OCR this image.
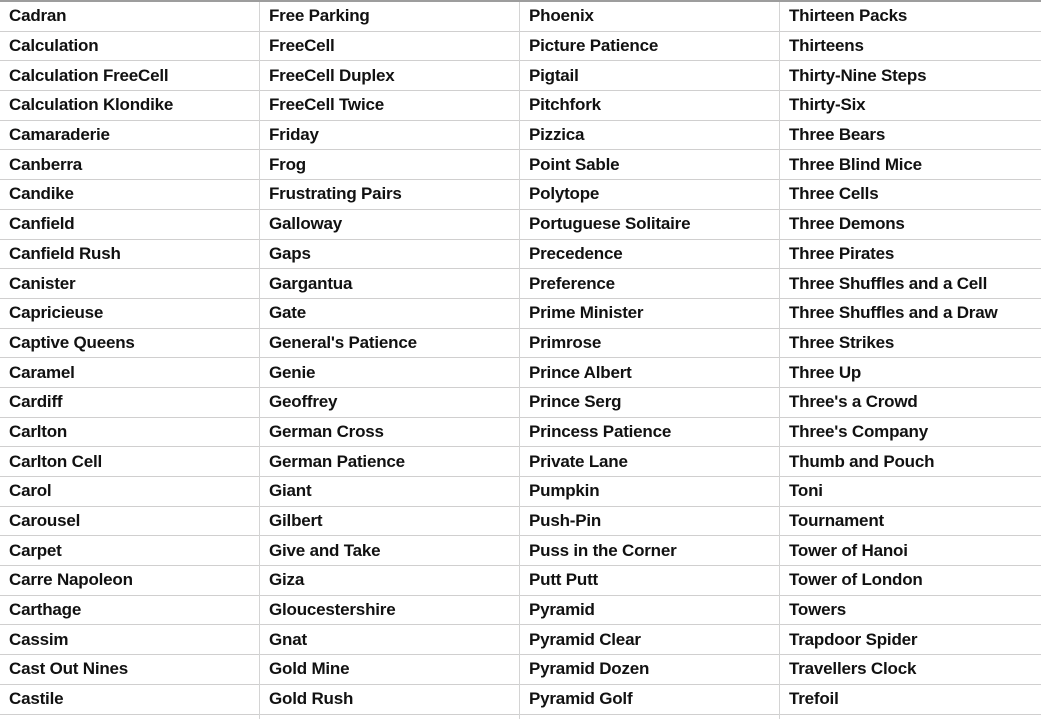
Cadran
Calculation
Calculation FreeCell
Calculation Klondike
Camaraderie
Canberra
Candike
Canfield
Canfield Rush
Canister
Capricieuse
Captive Queens
Caramel
Cardiff
Carlton
Carlton Cell
Carol
Carousel
Carpet
Carre Napoleon
Carthage
Cassim
Cast Out Nines
Castile
Free Parking
FreeCell
FreeCell Duplex
FreeCell Twice
Friday
Frog
Frustrating Pairs
Galloway
Gaps
Gargantua
Gate
General's Patience
Genie
Geoffrey
German Cross
German Patience
Giant
Gilbert
Give and Take
Giza
Gloucestershire
Gnat
Gold Mine
Gold Rush
Phoenix
Picture Patience
Pigtail
Pitchfork
Pizzica
Point Sable
Polytope
Portuguese Solitaire
Precedence
Preference
Prime Minister
Primrose
Prince Albert
Prince Serg
Princess Patience
Private Lane
Pumpkin
Push-Pin
Puss in the Corner
Putt Putt
Pyramid
Pyramid Clear
Pyramid Dozen
Pyramid Golf
Thirteen Packs
Thirteens
Thirty-Nine Steps
Thirty-Six
Three Bears
Three Blind Mice
Three Cells
Three Demons
Three Pirates
Three Shuffles and a Cell
Three Shuffles and a Draw
Three Strikes
Three Up
Three's a Crowd
Three's Company
Thumb and Pouch
Toni
Tournament
Tower of Hanoi
Tower of London
Towers
Trapdoor Spider
Travellers Clock
Trefoil
